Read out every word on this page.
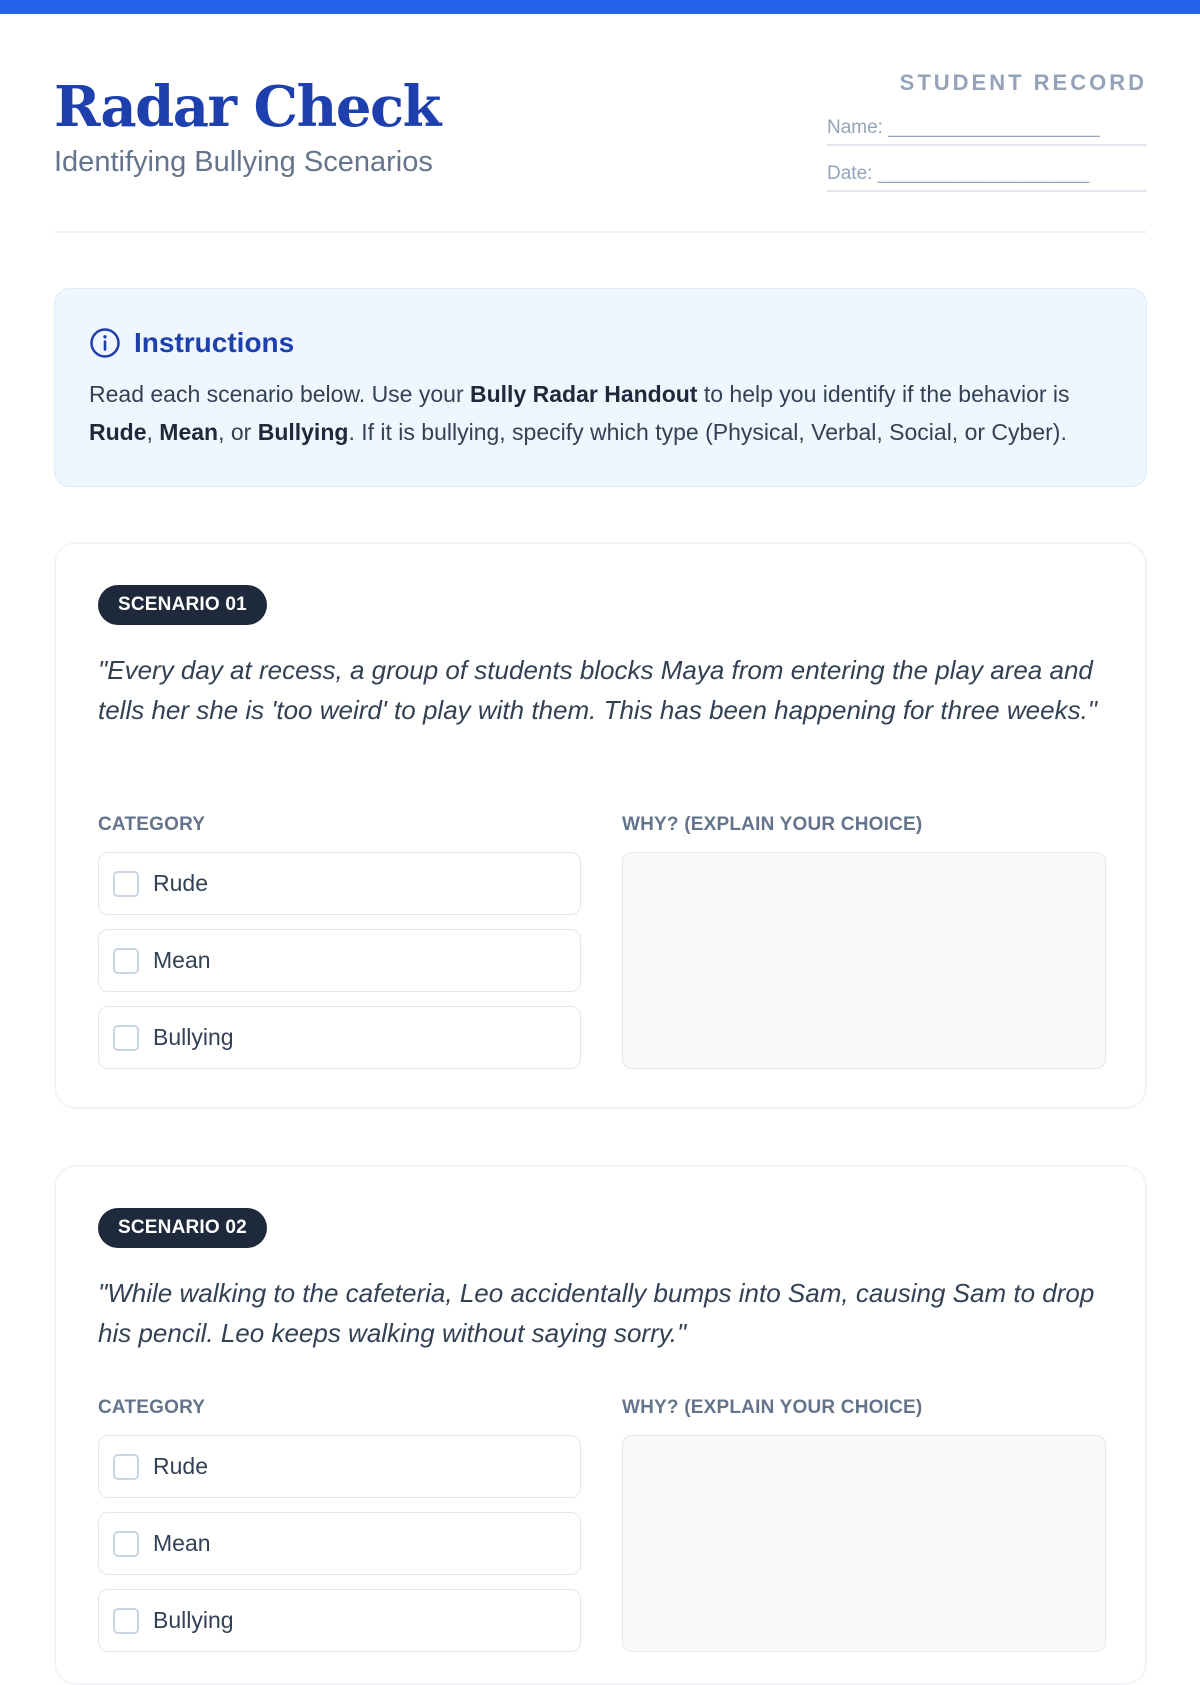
Radar Check
Identifying Bullying Scenarios
STUDENT RECORD
Name: ____________________
Date: ____________________
Instructions
Read each scenario below. Use your Bully Radar Handout to help you identify if the behavior is Rude, Mean, or Bullying. If it is bullying, specify which type (Physical, Verbal, Social, or Cyber).
SCENARIO 01
"Every day at recess, a group of students blocks Maya from entering the play area and tells her she is 'too weird' to play with them. This has been happening for three weeks."
CATEGORY	WHY? (EXPLAIN YOUR CHOICE)
Rude
Mean
Bullying
SCENARIO 02
"While walking to the cafeteria, Leo accidentally bumps into Sam, causing Sam to drop his pencil. Leo keeps walking without saying sorry."
CATEGORY	WHY? (EXPLAIN YOUR CHOICE)
Rude
Mean
Bullying
